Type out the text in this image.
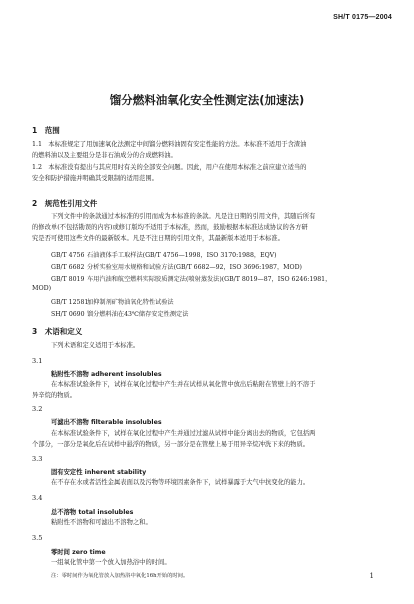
SH/T 0175—2004

馏分燃料油氧化安全性测定法(加速法)

1　范围

1.1　本标准规定了用加速氧化法测定中间馏分燃料油固有安定性能的方法。本标准不适用于含渣油

的燃料油以及主要组分是非石油成分的合成燃料油。

1.2　本标准没有提出与其应用时有关的全部安全问题。因此，用户在使用本标准之前应建立适当的

安全和防护措施并明确其受限制的适用范围。

2　规范性引用文件

下列文件中的条款通过本标准的引用而成为本标准的条款。凡是注日期的引用文件，其随后所有

的修改单(不包括勘误的内容)或修订版均不适用于本标准，然而，鼓励根据本标准达成协议的各方研

究是否可使用这些文件的最新版本。凡是不注日期的引用文件，其最新版本适用于本标准。

GB/T 4756 石油液体手工取样法(GB/T 4756—1998，ISO 3170:1988，EQV)

GB/T 6682 分析实验室用水规格和试验方法(GB/T 6682—92，ISO 3696:1987，MOD)

GB/T 8019 车用汽油和航空燃料实际胶质测定法(喷射蒸发法)(GB/T 8019—87，ISO 6246:1981，

MOD)

GB/T 12581 加抑制剂矿物油氧化特性试验法

SH/T 0690 馏分燃料油在43℃储存安定性测定法

3　术语和定义

下列术语和定义适用于本标准。

3.1

粘附性不溶物 adherent insolubles

在本标准试验条件下，试样在氧化过程中产生并在试样从氧化管中放出后粘附在管壁上的不溶于

异辛烷的物质。

3.2

可滤出不溶物 filterable insolubles

在本标准试验条件下，试样在氧化过程中产生并通过过滤从试样中能分离出去的物质，它包括两

个部分，一部分是氧化后在试样中悬浮的物质，另一部分是在管壁上易于用异辛烷冲洗下来的物质。

3.3

固有安定性 inherent stability

在不存在水或者活性金属表面以及污物等环境因素条件下，试样暴露于大气中抗变化的能力。

3.4

总不溶物 total insolubles

粘附性不溶物和可滤出不溶物之和。

3.5

零时间 zero time

一组氧化管中第一个放入加热浴中的时间。

注：零时间作为氧化管放入加热浴中氧化16h开始的时间。	1
